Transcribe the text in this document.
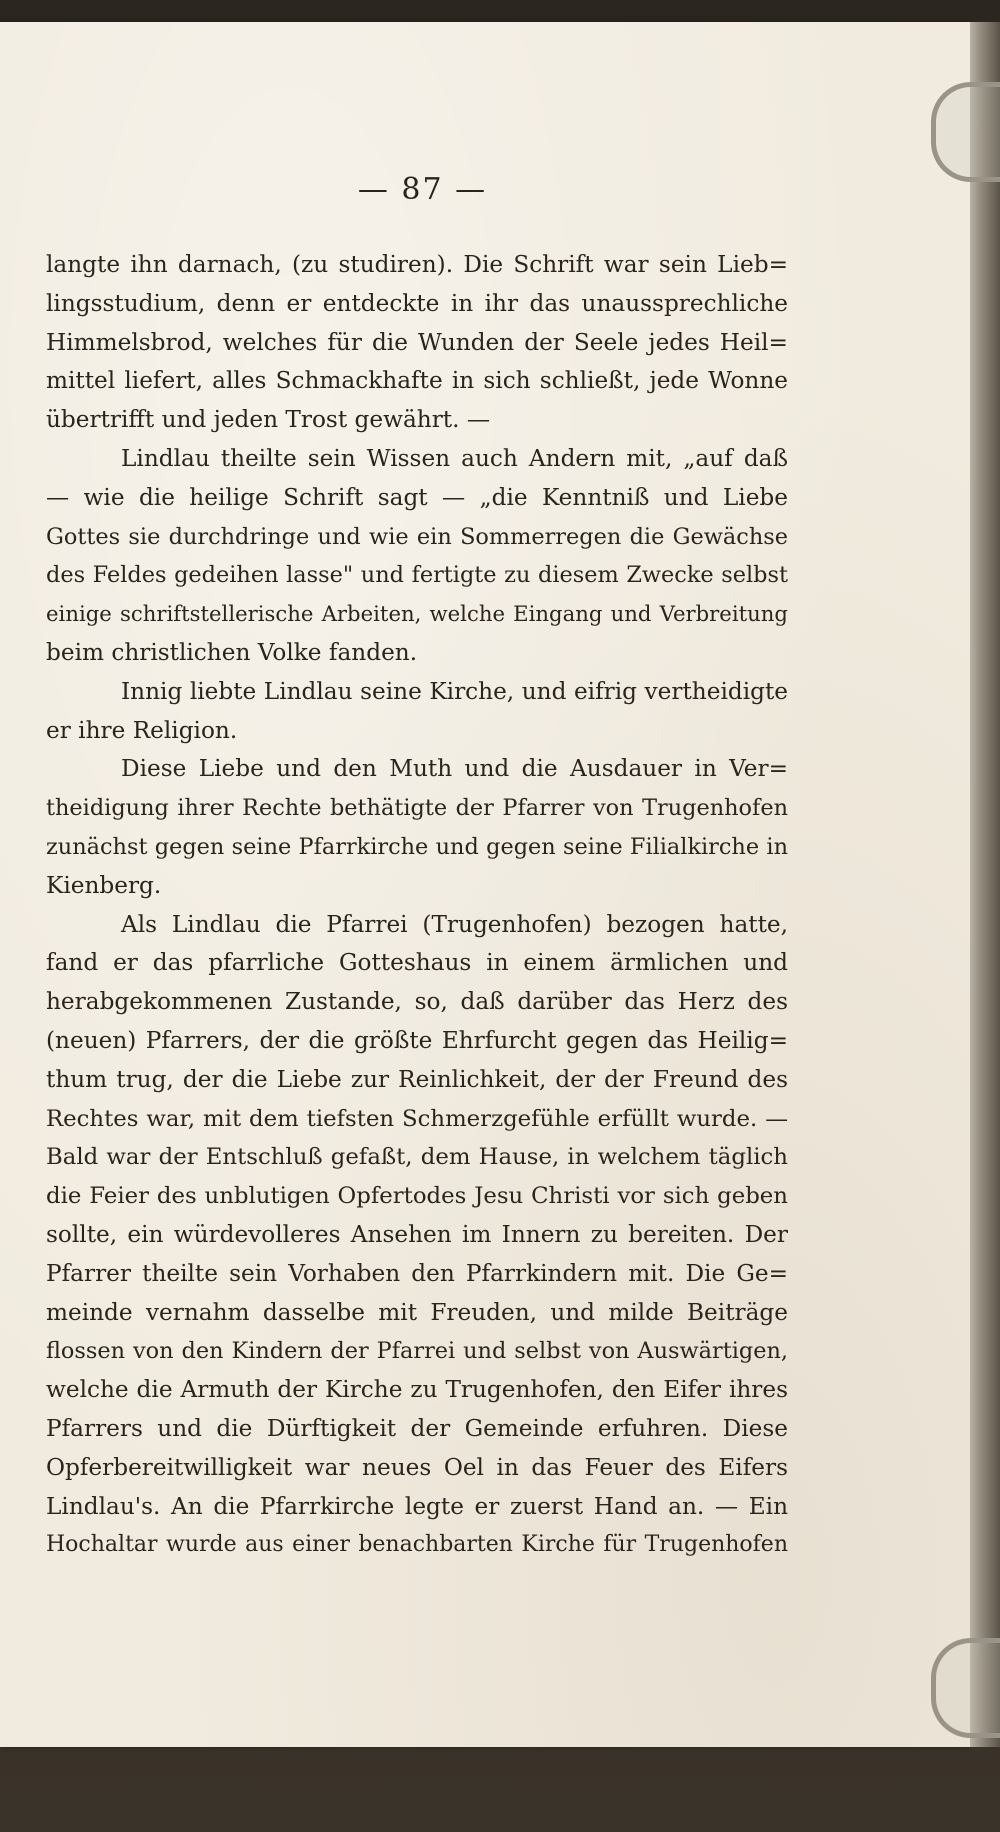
— 87 —
langte ihn darnach, (zu studiren). Die Schrift war sein Lieb=
lingsstudium, denn er entdeckte in ihr das unaussprechliche
Himmelsbrod, welches für die Wunden der Seele jedes Heil=
mittel liefert, alles Schmackhafte in sich schließt, jede Wonne
übertrifft und jeden Trost gewährt. —
Lindlau theilte sein Wissen auch Andern mit, „auf daß
— wie die heilige Schrift sagt — „die Kenntniß und Liebe
Gottes sie durchdringe und wie ein Sommerregen die Gewächse
des Feldes gedeihen lasse" und fertigte zu diesem Zwecke selbst
einige schriftstellerische Arbeiten, welche Eingang und Verbreitung
beim christlichen Volke fanden.
Innig liebte Lindlau seine Kirche, und eifrig vertheidigte
er ihre Religion.
Diese Liebe und den Muth und die Ausdauer in Ver=
theidigung ihrer Rechte bethätigte der Pfarrer von Trugenhofen
zunächst gegen seine Pfarrkirche und gegen seine Filialkirche in
Kienberg.
Als Lindlau die Pfarrei (Trugenhofen) bezogen hatte,
fand er das pfarrliche Gotteshaus in einem ärmlichen und
herabgekommenen Zustande, so, daß darüber das Herz des
(neuen) Pfarrers, der die größte Ehrfurcht gegen das Heilig=
thum trug, der die Liebe zur Reinlichkeit, der der Freund des
Rechtes war, mit dem tiefsten Schmerzgefühle erfüllt wurde. —
Bald war der Entschluß gefaßt, dem Hause, in welchem täglich
die Feier des unblutigen Opfertodes Jesu Christi vor sich geben
sollte, ein würdevolleres Ansehen im Innern zu bereiten. Der
Pfarrer theilte sein Vorhaben den Pfarrkindern mit. Die Ge=
meinde vernahm dasselbe mit Freuden, und milde Beiträge
flossen von den Kindern der Pfarrei und selbst von Auswärtigen,
welche die Armuth der Kirche zu Trugenhofen, den Eifer ihres
Pfarrers und die Dürftigkeit der Gemeinde erfuhren. Diese
Opferbereitwilligkeit war neues Oel in das Feuer des Eifers
Lindlau's. An die Pfarrkirche legte er zuerst Hand an. — Ein
Hochaltar wurde aus einer benachbarten Kirche für Trugenhofen
